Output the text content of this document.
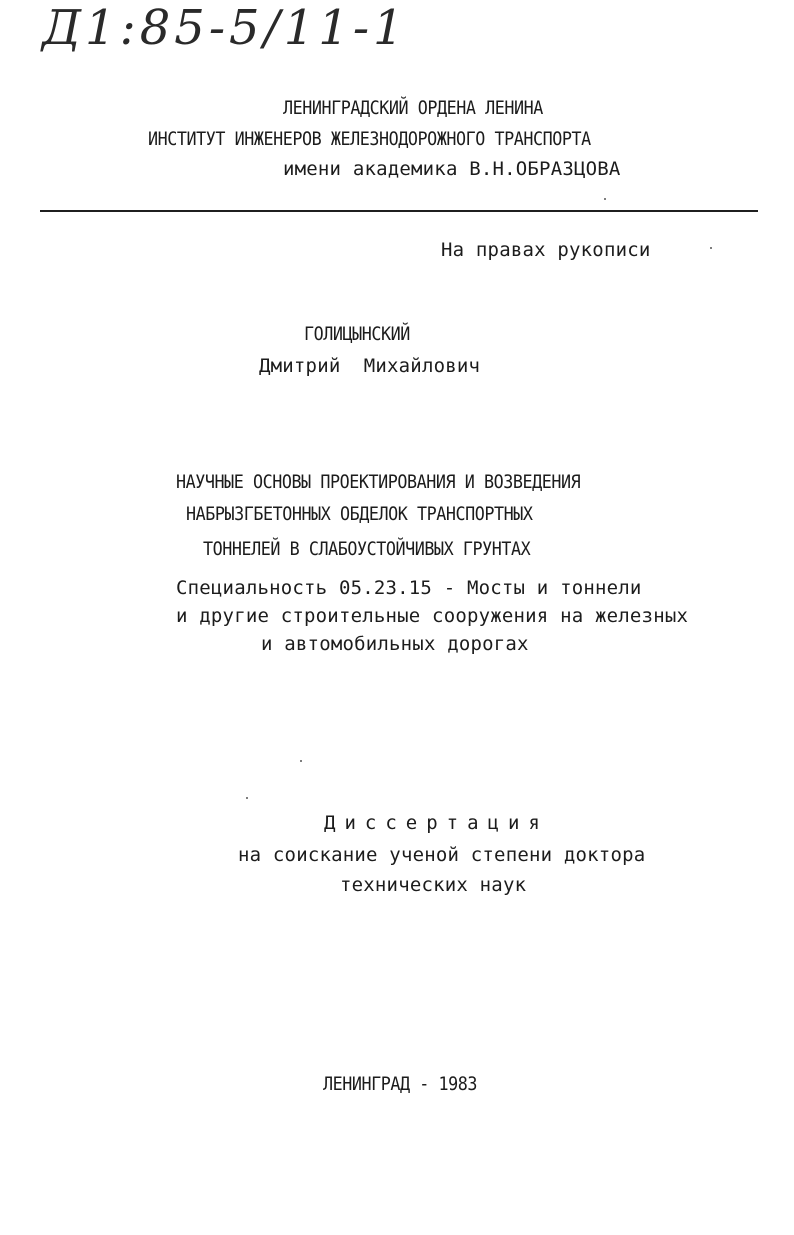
Д1:85-5/11-1
ЛЕНИНГРАДСКИЙ ОРДЕНА ЛЕНИНА
ИНСТИТУТ ИНЖЕНЕРОВ ЖЕЛЕЗНОДОРОЖНОГО ТРАНСПОРТА
имени академика В.Н.ОБРАЗЦОВА
На правах рукописи
ГОЛИЦЫНСКИЙ
Дмитрий  Михайлович
НАУЧНЫЕ ОСНОВЫ ПРОЕКТИРОВАНИЯ И ВОЗВЕДЕНИЯ
НАБРЫЗГБЕТОННЫХ ОБДЕЛОК ТРАНСПОРТНЫХ
ТОННЕЛЕЙ В СЛАБОУСТОЙЧИВЫХ ГРУНТАХ
Специальность 05.23.15 - Мосты и тоннели
и другие строительные сооружения на железных
и автомобильных дорогах
Диссертация
на соискание ученой степени доктора
технических наук
ЛЕНИНГРАД - 1983
